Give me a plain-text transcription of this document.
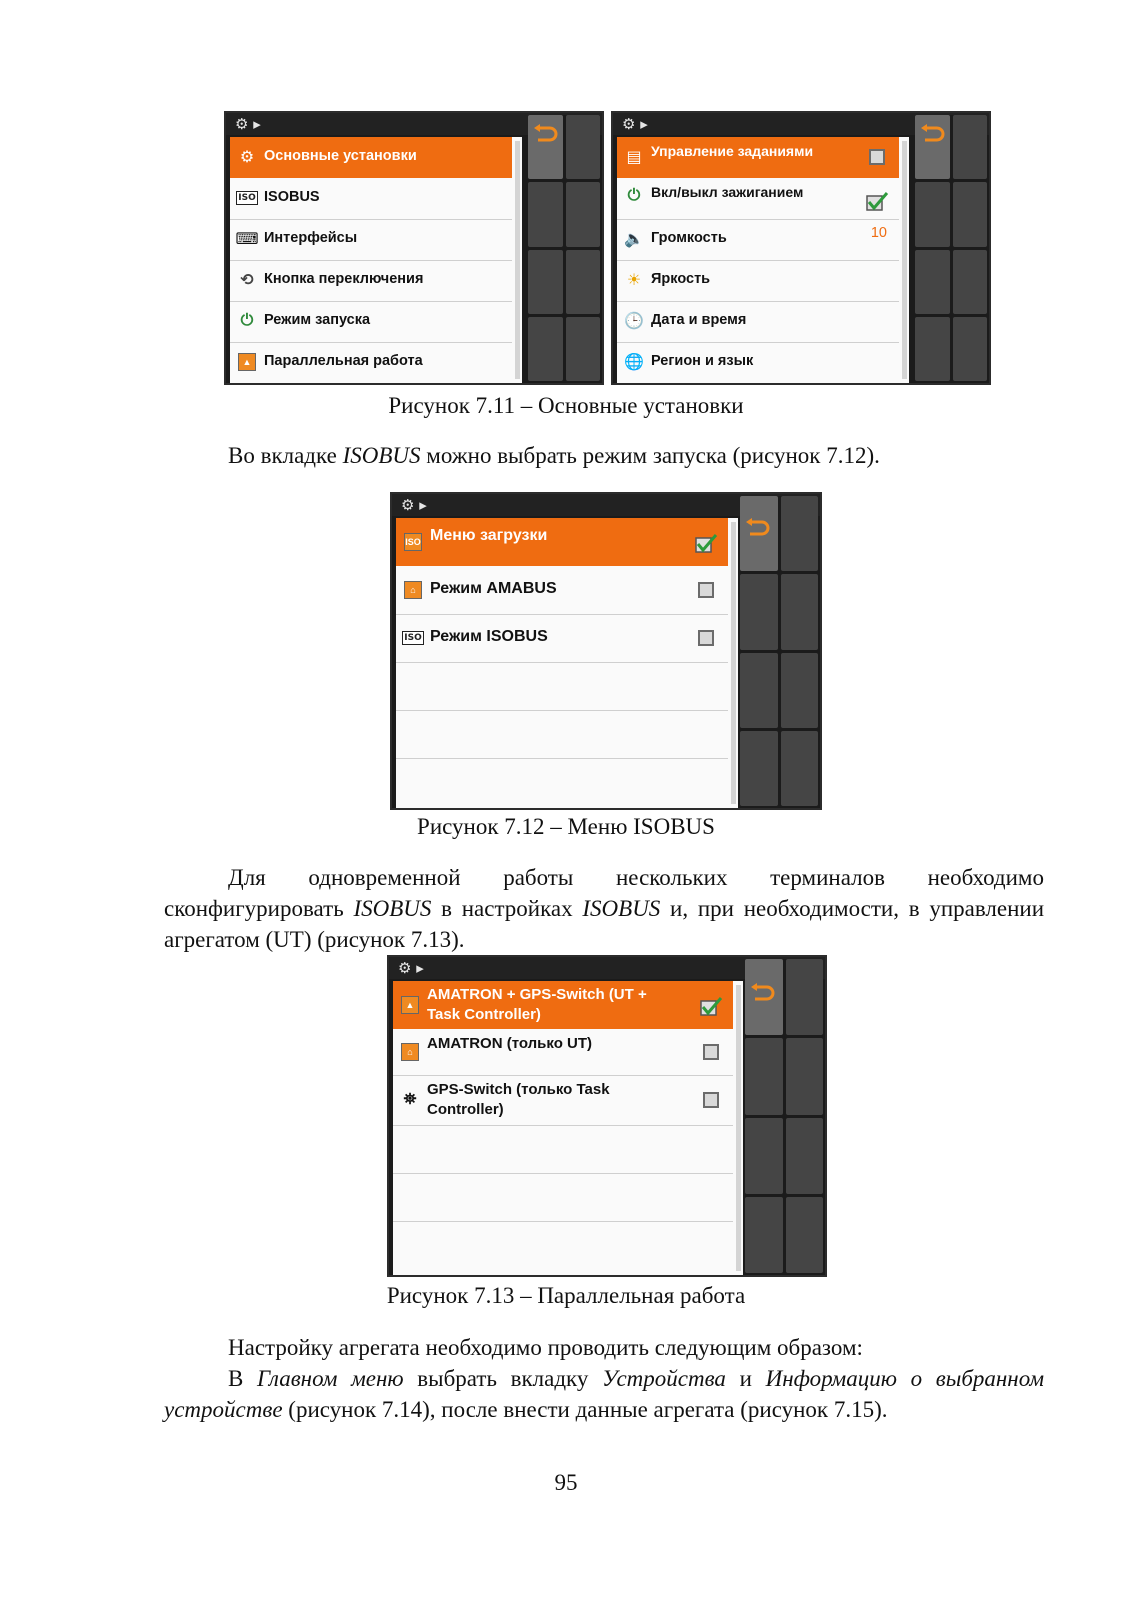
⚙ ▸
⚙ Основные установки
ISO ISOBUS
⌨ Интерфейсы
⟲ Кнопка переключения
⏻ Режим запуска
▲ Параллельная работа
⚙ ▸
▤ Управление заданиями
⏻ Вкл/выкл зажиганием
🔈 Громкость	10
☀ Яркость
🕒 Дата и время
🌐 Регион и язык
Рисунок 7.11 – Основные установки
Во вкладке ISOBUS можно выбрать режим запуска (рисунок 7.12).
⚙ ▸
ISO Меню загрузки
⌂ Режим AMABUS
ISO Режим ISOBUS
Рисунок 7.12 – Меню ISOBUS
Для одновременной работы нескольких терминалов необходимо сконфигурировать ISOBUS в настройках ISOBUS и, при необходимости, в управлении агрегатом (UT) (рисунок 7.13).
⚙ ▸
▲
AMATRON + GPS-Switch (UT +
Task Controller)
⌂ AMATRON (только UT)

⛯
GPS-Switch (только Task
Controller)
Рисунок 7.13 – Параллельная работа
Настройку агрегата необходимо проводить следующим образом:
В Главном меню выбрать вкладку Устройства и Информацию о выбранном устройстве (рисунок 7.14), после внести данные агрегата (рисунок 7.15).
95
